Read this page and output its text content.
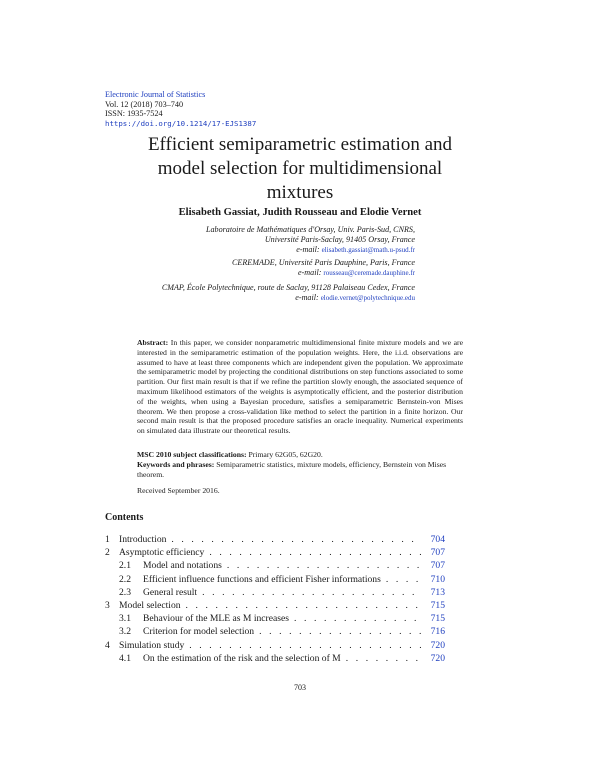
Electronic Journal of Statistics
Vol. 12 (2018) 703–740
ISSN: 1935-7524
https://doi.org/10.1214/17-EJS1387
Efficient semiparametric estimation and
model selection for multidimensional
mixtures
Elisabeth Gassiat, Judith Rousseau and Elodie Vernet
Laboratoire de Mathématiques d'Orsay, Univ. Paris-Sud, CNRS,
Université Paris-Saclay, 91405 Orsay, France
e-mail: elisabeth.gassiat@math.u-psud.fr
CEREMADE, Université Paris Dauphine, Paris, France
e-mail: rousseau@ceremade.dauphine.fr
CMAP, École Polytechnique, route de Saclay, 91128 Palaiseau Cedex, France
e-mail: elodie.vernet@polytechnique.edu
Abstract: In this paper, we consider nonparametric multidimensional finite mixture models and we are interested in the semiparametric estimation of the population weights. Here, the i.i.d. observations are assumed to have at least three components which are independent given the population. We approximate the semiparametric model by projecting the conditional distributions on step functions associated to some partition. Our first main result is that if we refine the partition slowly enough, the associated sequence of maximum likelihood estimators of the weights is asymptotically efficient, and the posterior distribution of the weights, when using a Bayesian procedure, satisfies a semiparametric Bernstein-von Mises theorem. We then propose a cross-validation like method to select the partition in a finite horizon. Our second main result is that the proposed procedure satisfies an oracle inequality. Numerical experiments on simulated data illustrate our theoretical results.
MSC 2010 subject classifications: Primary 62G05, 62G20.
Keywords and phrases: Semiparametric statistics, mixture models, efficiency, Bernstein von Mises theorem.
Received September 2016.
Contents
1 Introduction . . .	704
2 Asymptotic efficiency . . .	707
2.1 Model and notations . . .	707
2.2 Efficient influence functions and efficient Fisher informations . . .	710
2.3 General result . . .	713
3 Model selection . . .	715
3.1 Behaviour of the MLE as M increases . . .	715
3.2 Criterion for model selection . . .	716
4 Simulation study . . .	720
4.1 On the estimation of the risk and the selection of M . . .	720
703
